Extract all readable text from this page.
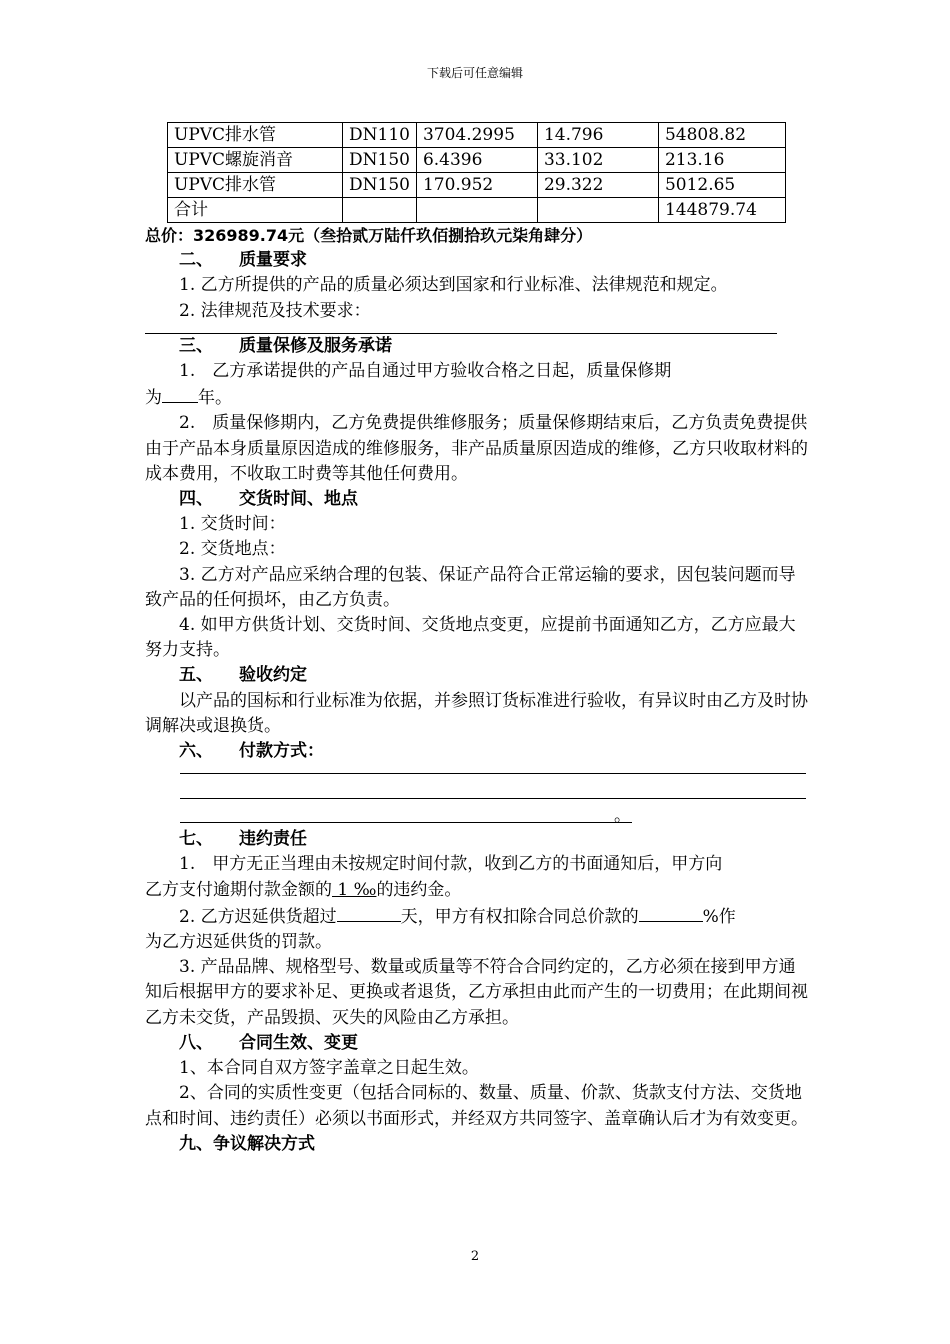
下载后可任意编辑
UPVC排水管	DN110	3704.2995	14.796	54808.82
UPVC螺旋消音	DN150	6.4396	33.102	213.16
UPVC排水管	DN150	170.952	29.322	5012.65
合计				144879.74

总价：326989.74元（叁拾贰万陆仟玖佰捌拾玖元柒角肆分）

二、 质量要求

1. 乙方所提供的产品的质量必须达到国家和行业标准、法律规范和规定。

2. 法律规范及技术要求：

三、 质量保修及服务承诺

1.　乙方承诺提供的产品自通过甲方验收合格之日起，质量保修期

为 年。

2.　质量保修期内，乙方免费提供维修服务；质量保修期结束后，乙方负责免费提供由于产品本身质量原因造成的维修服务，非产品质量原因造成的维修，乙方只收取材料的成本费用，不收取工时费等其他任何费用。

四、 交货时间、地点

1. 交货时间：

2. 交货地点：

3. 乙方对产品应采纳合理的包装、保证产品符合正常运输的要求，因包装问题而导致产品的任何损坏，由乙方负责。

4. 如甲方供货计划、交货时间、交货地点变更，应提前书面通知乙方，乙方应最大努力支持。

五、 验收约定

以产品的国标和行业标准为依据，并参照订货标准进行验收，有异议时由乙方及时协调解决或退换货。

六、 付款方式：

。

七、 违约责任

1.　甲方无正当理由未按规定时间付款，收到乙方的书面通知后，甲方向

乙方支付逾期付款金额的 1 ‰的违约金。

2. 乙方迟延供货超过	天，甲方有权扣除合同总价款的	%作

为乙方迟延供货的罚款。

3. 产品品牌、规格型号、数量或质量等不符合合同约定的，乙方必须在接到甲方通知后根据甲方的要求补足、更换或者退货，乙方承担由此而产生的一切费用；在此期间视乙方未交货，产品毁损、灭失的风险由乙方承担。

八、 合同生效、变更

1、本合同自双方签字盖章之日起生效。

2、合同的实质性变更（包括合同标的、数量、质量、价款、货款支付方法、交货地点和时间、违约责任）必须以书面形式，并经双方共同签字、盖章确认后才为有效变更。

九、争议解决方式

2
